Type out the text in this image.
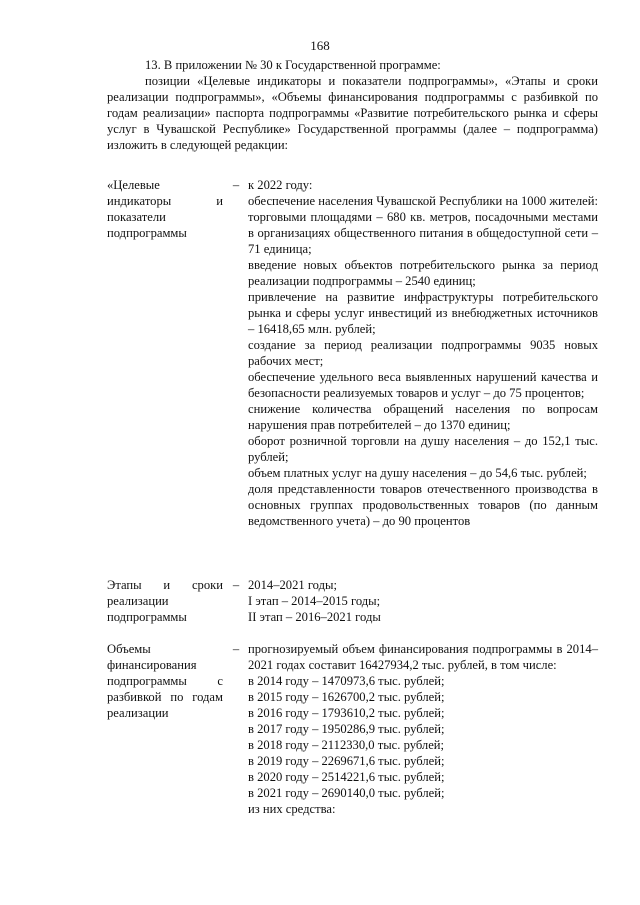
168

13. В приложении № 30 к Государственной программе:

позиции «Целевые индикаторы и показатели подпрограммы», «Этапы и сроки реализации подпрограммы», «Объемы финансирования подпрограммы с разбивкой по годам реализации» паспорта подпрограммы «Развитие потребительского рынка и сферы услуг в Чувашской Республике» Государственной программы (далее – подпрограмма) изложить в следующей редакции:

«Целевые индикаторы и показатели подпрограммы
– к 2022 году:

обеспечение населения Чувашской Республики на 1000 жителей: торговыми площадями – 680 кв. метров, посадочными местами в организациях общественного питания в общедоступной сети – 71 единица;

введение новых объектов потребительского рынка за период реализации подпрограммы – 2540 единиц;

привлечение на развитие инфраструктуры потребительского рынка и сферы услуг инвестиций из внебюджетных источников – 16418,65 млн. рублей;

создание за период реализации подпрограммы 9035 новых рабочих мест;

обеспечение удельного веса выявленных нарушений качества и безопасности реализуемых товаров и услуг – до 75 процентов;

снижение количества обращений населения по вопросам нарушения прав потребителей – до 1370 единиц;

оборот розничной торговли на душу населения – до 152,1 тыс. рублей;

объем платных услуг на душу населения – до 54,6 тыс. рублей;

доля представленности товаров отечественного производства в основных группах продовольственных товаров (по данным ведомственного учета) – до 90 процентов

Этапы и сроки реализации подпрограммы
– 2014–2021 годы;

I этап – 2014–2015 годы;

II этап – 2016–2021 годы

Объемы финансирования подпрограммы с разбивкой по годам реализации
– прогнозируемый объем финансирования подпрограммы в 2014–2021 годах составит 16427934,2 тыс. рублей, в том числе:

в 2014 году – 1470973,6 тыс. рублей;

в 2015 году – 1626700,2 тыс. рублей;

в 2016 году – 1793610,2 тыс. рублей;

в 2017 году – 1950286,9 тыс. рублей;

в 2018 году – 2112330,0 тыс. рублей;

в 2019 году – 2269671,6 тыс. рублей;

в 2020 году – 2514221,6 тыс. рублей;

в 2021 году – 2690140,0 тыс. рублей;

из них средства:
